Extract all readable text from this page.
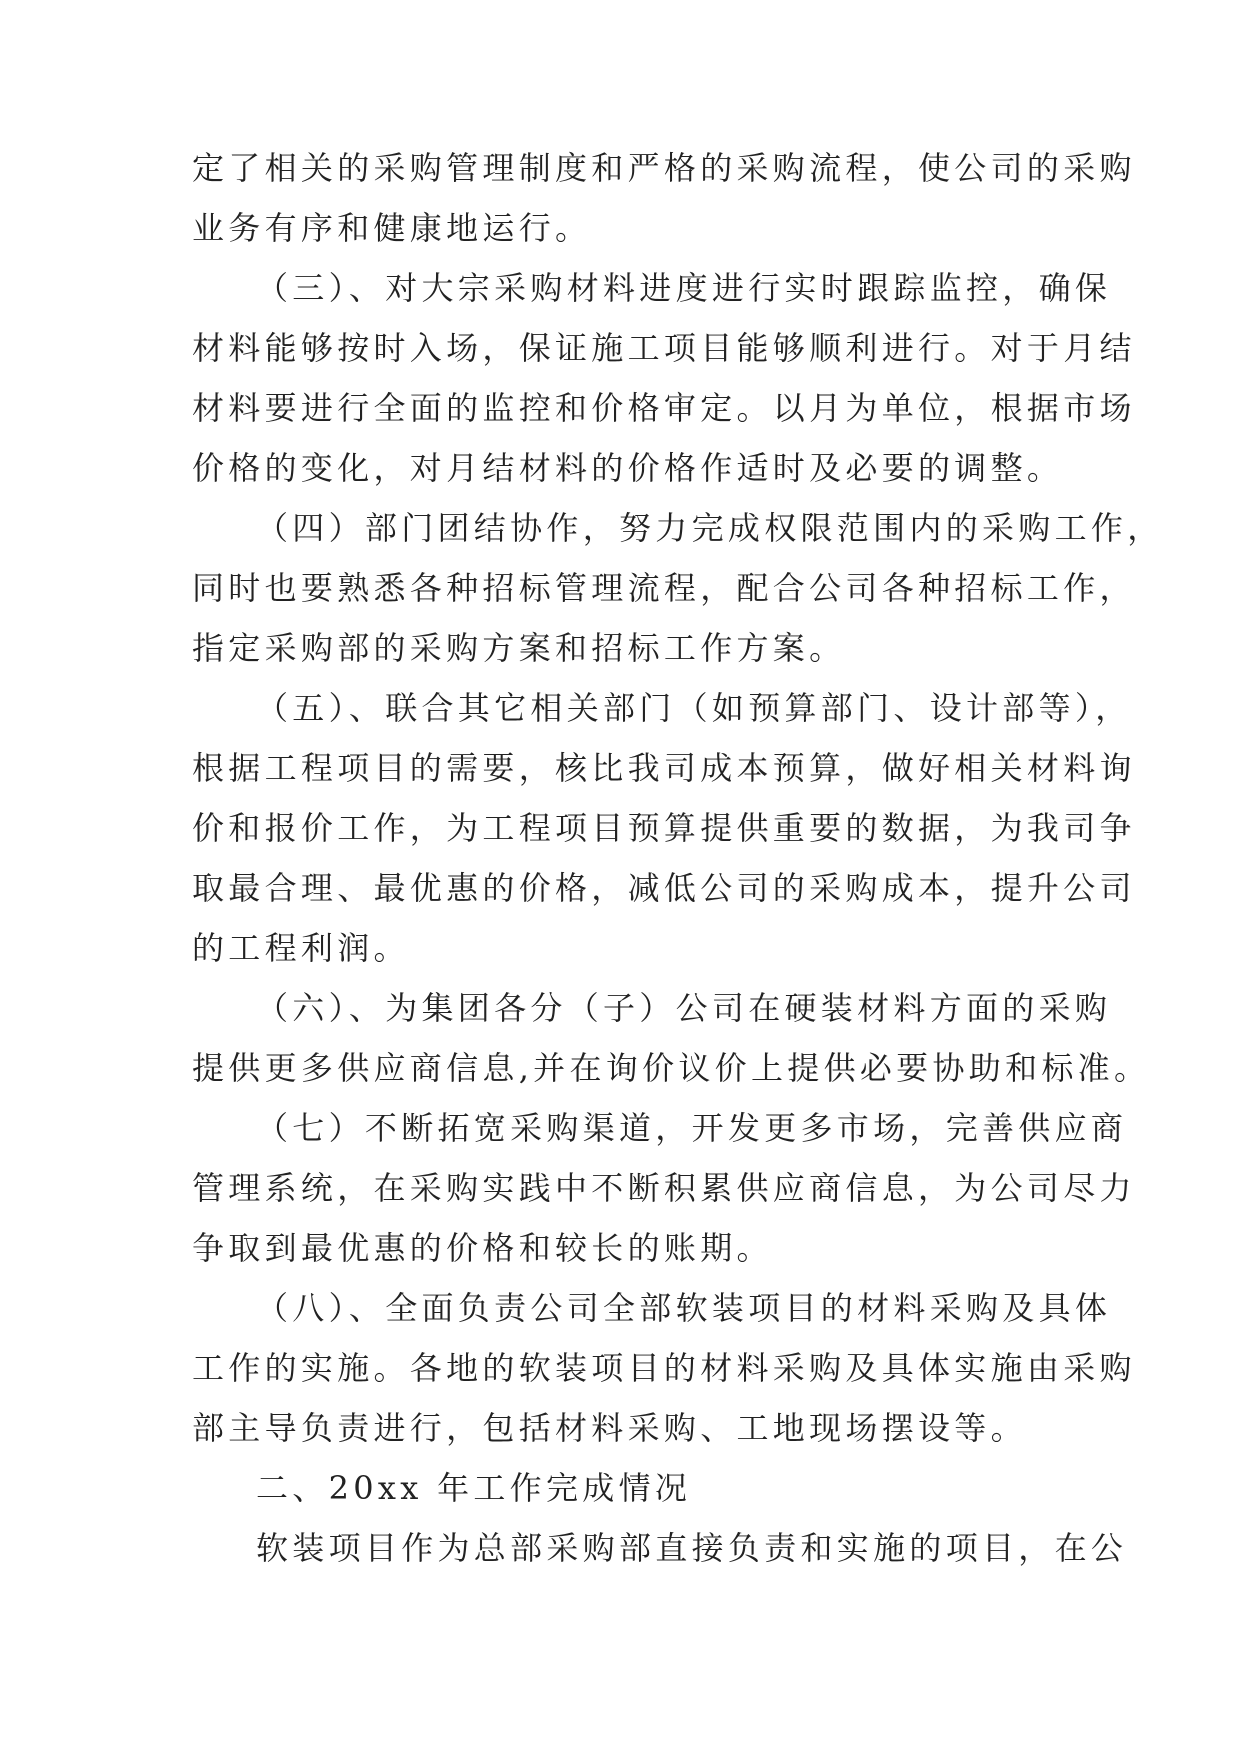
定了相关的采购管理制度和严格的采购流程，使公司的采购
业务有序和健康地运行。
（三）、对大宗采购材料进度进行实时跟踪监控，确保
材料能够按时入场，保证施工项目能够顺利进行。对于月结
材料要进行全面的监控和价格审定。以月为单位，根据市场
价格的变化，对月结材料的价格作适时及必要的调整。
（四）部门团结协作，努力完成权限范围内的采购工作，
同时也要熟悉各种招标管理流程，配合公司各种招标工作，
指定采购部的采购方案和招标工作方案。
（五）、联合其它相关部门（如预算部门、设计部等），
根据工程项目的需要，核比我司成本预算，做好相关材料询
价和报价工作，为工程项目预算提供重要的数据，为我司争
取最合理、最优惠的价格，减低公司的采购成本，提升公司
的工程利润。
（六）、为集团各分（子）公司在硬装材料方面的采购
提供更多供应商信息,并在询价议价上提供必要协助和标准。
（七）不断拓宽采购渠道，开发更多市场，完善供应商
管理系统，在采购实践中不断积累供应商信息，为公司尽力
争取到最优惠的价格和较长的账期。
（八）、全面负责公司全部软装项目的材料采购及具体
工作的实施。各地的软装项目的材料采购及具体实施由采购
部主导负责进行，包括材料采购、工地现场摆设等。
二、20xx 年工作完成情况
软装项目作为总部采购部直接负责和实施的项目，在公
